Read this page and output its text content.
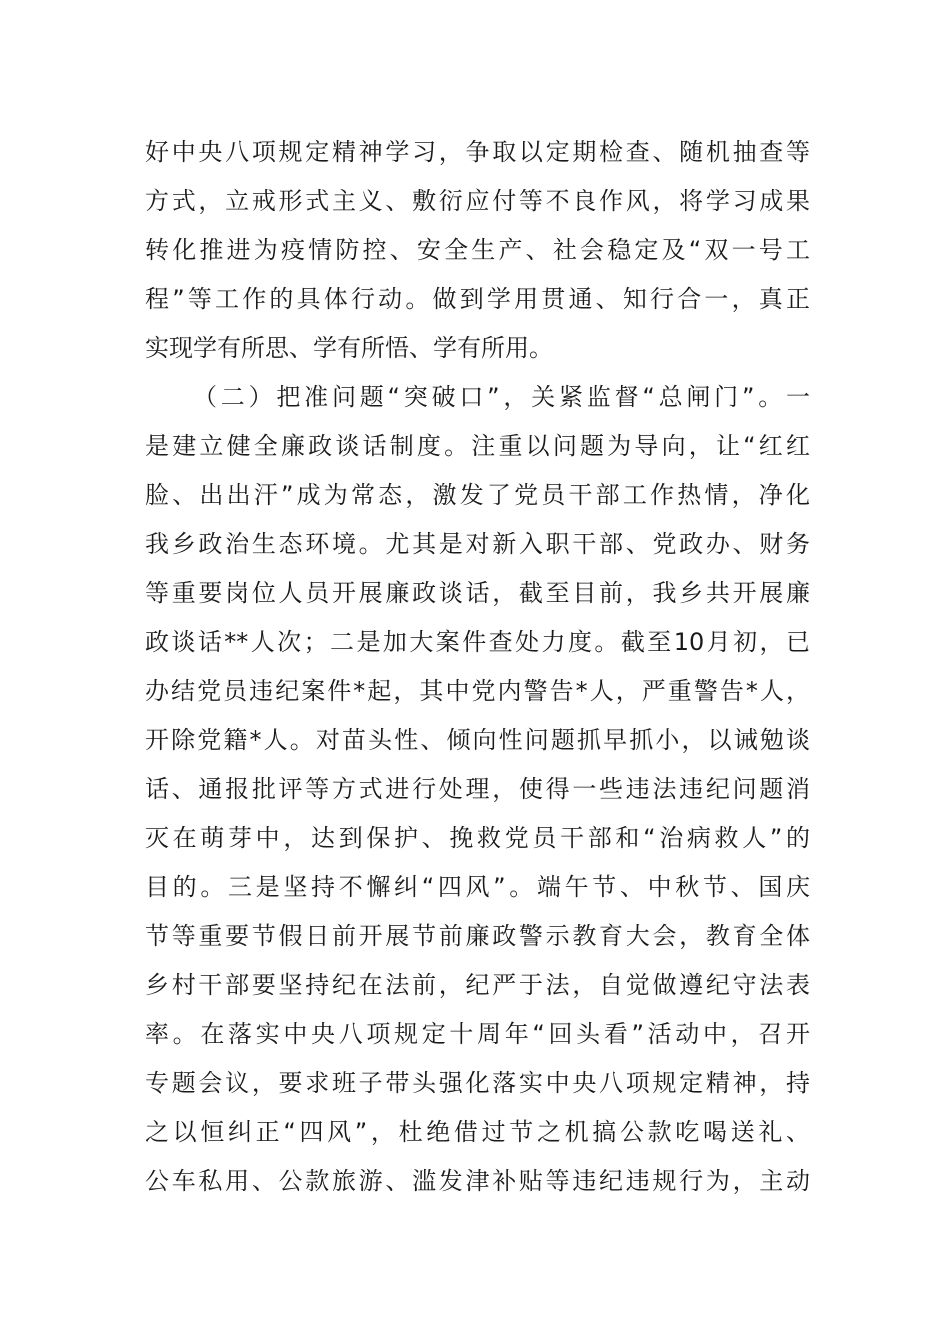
好中央八项规定精神学习，争取以定期检查、随机抽查等
方式，立戒形式主义、敷衍应付等不良作风，将学习成果
转化推进为疫情防控、安全生产、社会稳定及“双一号工
程”等工作的具体行动。做到学用贯通、知行合一，真正
实现学有所思、学有所悟、学有所用。
（二）把准问题“突破口”，关紧监督“总闸门”。一
是建立健全廉政谈话制度。注重以问题为导向，让“红红
脸、出出汗”成为常态，激发了党员干部工作热情，净化
我乡政治生态环境。尤其是对新入职干部、党政办、财务
等重要岗位人员开展廉政谈话，截至目前，我乡共开展廉
政谈话**人次；二是加大案件查处力度。截至10月初，已
办结党员违纪案件*起，其中党内警告*人，严重警告*人，
开除党籍*人。对苗头性、倾向性问题抓早抓小，以诫勉谈
话、通报批评等方式进行处理，使得一些违法违纪问题消
灭在萌芽中，达到保护、挽救党员干部和“治病救人”的
目的。三是坚持不懈纠“四风”。端午节、中秋节、国庆
节等重要节假日前开展节前廉政警示教育大会，教育全体
乡村干部要坚持纪在法前，纪严于法，自觉做遵纪守法表
率。在落实中央八项规定十周年“回头看”活动中，召开
专题会议，要求班子带头强化落实中央八项规定精神，持
之以恒纠正“四风”，杜绝借过节之机搞公款吃喝送礼、
公车私用、公款旅游、滥发津补贴等违纪违规行为，主动
